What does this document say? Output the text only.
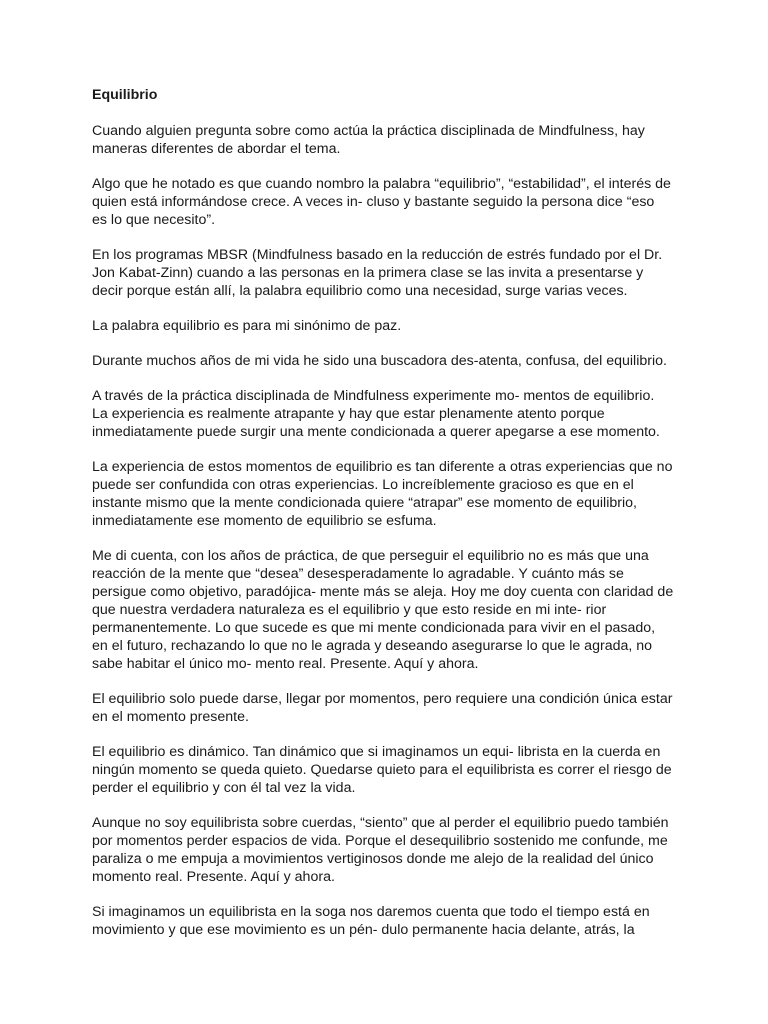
Equilibrio
Cuando alguien pregunta sobre como actúa la práctica disciplinada de Mindfulness, hay
maneras diferentes de abordar el tema.
Algo que he notado es que cuando nombro la palabra “equilibrio”, “estabilidad”, el interés de
quien está informándose crece. A veces in- cluso y bastante seguido la persona dice “eso
es lo que necesito”.
En los programas MBSR (Mindfulness basado en la reducción de estrés fundado por el Dr.
Jon Kabat-Zinn) cuando a las personas en la primera clase se las invita a presentarse y
decir porque están allí, la palabra equilibrio como una necesidad, surge varias veces.
La palabra equilibrio es para mi sinónimo de paz.
Durante muchos años de mi vida he sido una buscadora des-atenta, confusa, del equilibrio.
A través de la práctica disciplinada de Mindfulness experimente mo- mentos de equilibrio.
La experiencia es realmente atrapante y hay que estar plenamente atento porque
inmediatamente puede surgir una mente condicionada a querer apegarse a ese momento.
La experiencia de estos momentos de equilibrio es tan diferente a otras experiencias que no
puede ser confundida con otras experiencias. Lo increíblemente gracioso es que en el
instante mismo que la mente condicionada quiere “atrapar” ese momento de equilibrio,
inmediatamente ese momento de equilibrio se esfuma.
Me di cuenta, con los años de práctica, de que perseguir el equilibrio no es más que una
reacción de la mente que “desea” desesperadamente lo agradable. Y cuánto más se
persigue como objetivo, paradójica- mente más se aleja. Hoy me doy cuenta con claridad de
que nuestra verdadera naturaleza es el equilibrio y que esto reside en mi inte- rior
permanentemente. Lo que sucede es que mi mente condicionada para vivir en el pasado,
en el futuro, rechazando lo que no le agrada y deseando asegurarse lo que le agrada, no
sabe habitar el único mo- mento real. Presente. Aquí y ahora.
El equilibrio solo puede darse, llegar por momentos, pero requiere una condición única estar
en el momento presente.
El equilibrio es dinámico. Tan dinámico que si imaginamos un equi- librista en la cuerda en
ningún momento se queda quieto. Quedarse quieto para el equilibrista es correr el riesgo de
perder el equilibrio y con él tal vez la vida.
Aunque no soy equilibrista sobre cuerdas, “siento” que al perder el equilibrio puedo también
por momentos perder espacios de vida. Porque el desequilibrio sostenido me confunde, me
paraliza o me empuja a movimientos vertiginosos donde me alejo de la realidad del único
momento real. Presente. Aquí y ahora.
Si imaginamos un equilibrista en la soga nos daremos cuenta que todo el tiempo está en
movimiento y que ese movimiento es un pén- dulo permanente hacia delante, atrás, la
